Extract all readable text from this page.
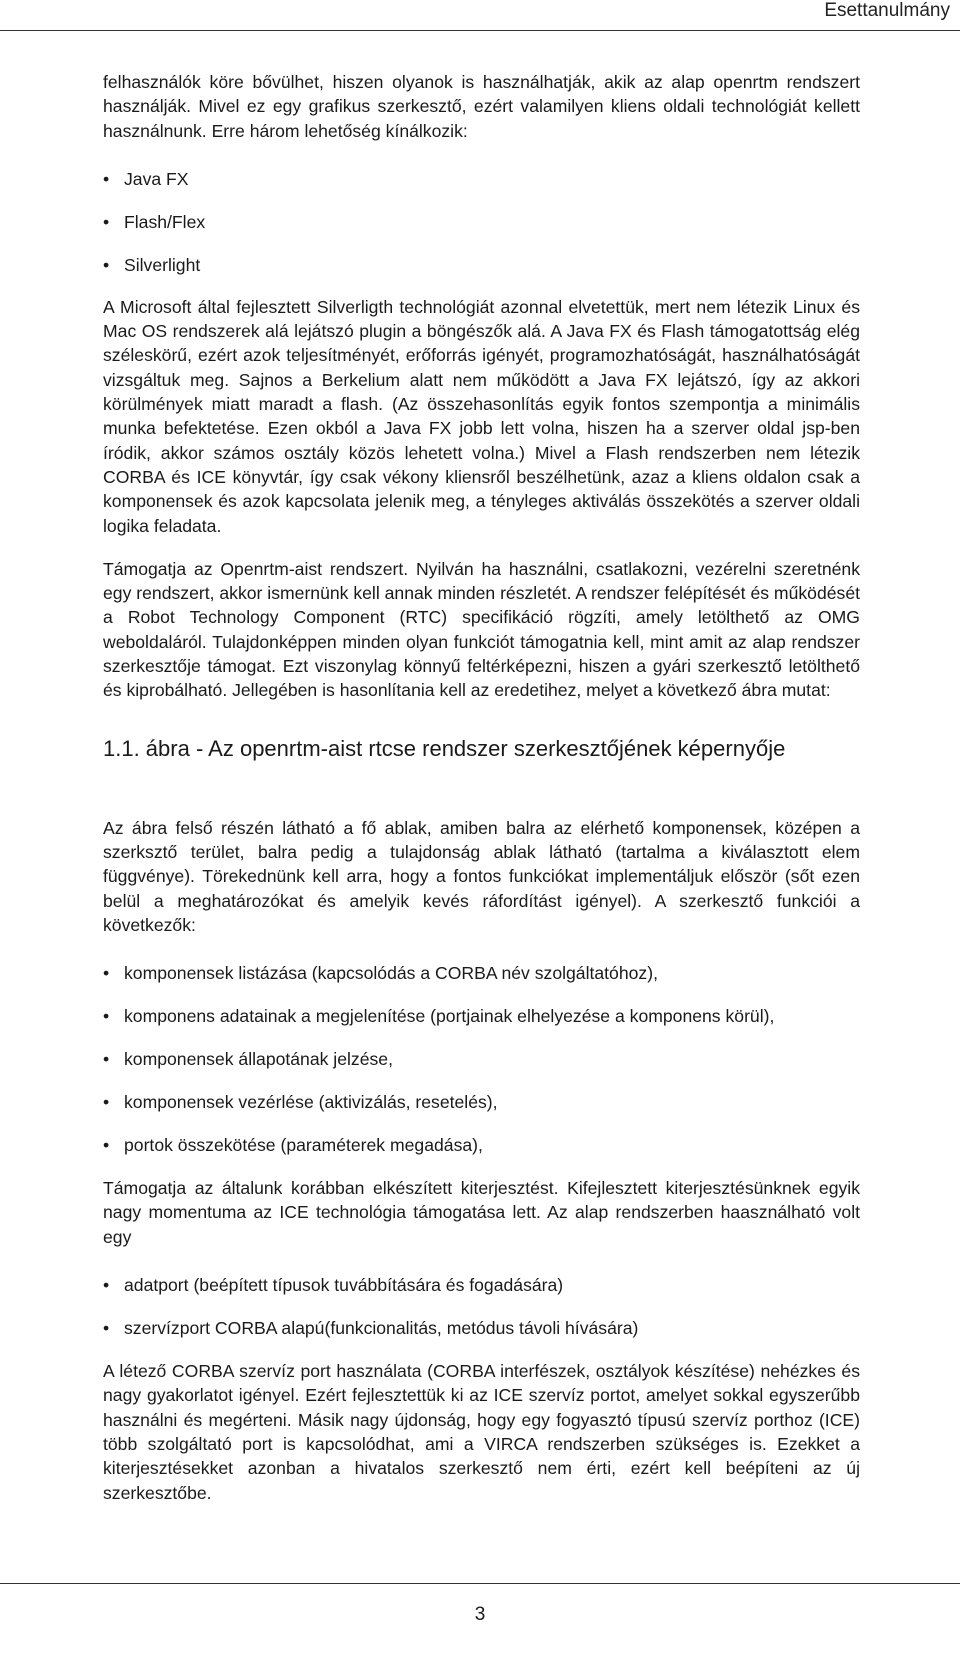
Esettanulmány

felhasználók köre bővülhet, hiszen olyanok is használhatják, akik az alap openrtm rendszert használják. Mivel ez egy grafikus szerkesztő, ezért valamilyen kliens oldali technológiát kellett használnunk. Erre három lehetőség kínálkozik:

• Java FX
• Flash/Flex
• Silverlight

A Microsoft által fejlesztett Silverligth technológiát azonnal elvetettük, mert nem létezik Linux és Mac OS rendszerek alá lejátszó plugin a böngészők alá. A Java FX és Flash támogatottság elég széleskörű, ezért azok teljesítményét, erőforrás igényét, programozhatóságát, használhatóságát vizsgáltuk meg. Sajnos a Berkelium alatt nem működött a Java FX lejátszó, így az akkori körülmények miatt maradt a flash. (Az összehasonlítás egyik fontos szempontja a minimális munka befektetése. Ezen okból a Java FX jobb lett volna, hiszen ha a szerver oldal jsp-ben íródik, akkor számos osztály közös lehetett volna.) Mivel a Flash rendszerben nem létezik CORBA és ICE könyvtár, így csak vékony kliensről beszélhetünk, azaz a kliens oldalon csak a komponensek és azok kapcsolata jelenik meg, a tényleges aktiválás összekötés a szerver oldali logika feladata.

Támogatja az Openrtm-aist rendszert. Nyilván ha használni, csatlakozni, vezérelni szeretnénk egy rendszert, akkor ismernünk kell annak minden részletét. A rendszer felépítését és működését a Robot Technology Component (RTC) specifikáció rögzíti, amely letölthető az OMG weboldaláról. Tulajdonképpen minden olyan funkciót támogatnia kell, mint amit az alap rendszer szerkesztője támogat. Ezt viszonylag könnyű feltérképezni, hiszen a gyári szerkesztő letölthető és kiprobálható. Jellegében is hasonlítania kell az eredetihez, melyet a következő ábra mutat:

1.1. ábra - Az openrtm-aist rtcse rendszer szerkesztőjének képernyője

Az ábra felső részén látható a fő ablak, amiben balra az elérhető komponensek, középen a szerksztő terület, balra pedig a tulajdonság ablak látható (tartalma a kiválasztott elem függvénye). Törekednünk kell arra, hogy a fontos funkciókat implementáljuk először (sőt ezen belül a meghatározókat és amelyik kevés ráfordítást igényel). A szerkesztő funkciói a következők:

• komponensek listázása (kapcsolódás a CORBA név szolgáltatóhoz),
• komponens adatainak a megjelenítése (portjainak elhelyezése a komponens körül),
• komponensek állapotának jelzése,
• komponensek vezérlése (aktivizálás, resetelés),
• portok összekötése (paraméterek megadása),

Támogatja az általunk korábban elkészített kiterjesztést. Kifejlesztett kiterjesztésünknek egyik nagy momentuma az ICE technológia támogatása lett. Az alap rendszerben haasználható volt egy

• adatport (beépített típusok tuvábbítására és fogadására)
• szervízport CORBA alapú(funkcionalitás, metódus távoli hívására)

A létező CORBA szervíz port használata (CORBA interfészek, osztályok készítése) nehézkes és nagy gyakorlatot igényel. Ezért fejlesztettük ki az ICE szervíz portot, amelyet sokkal egyszerűbb használni és megérteni. Másik nagy újdonság, hogy egy fogyasztó típusú szervíz porthoz (ICE) több szolgáltató port is kapcsolódhat, ami a VIRCA rendszerben szükséges is. Ezekket a kiterjesztésekket azonban a hivatalos szerkesztő nem érti, ezért kell beépíteni az új szerkesztőbe.

3
